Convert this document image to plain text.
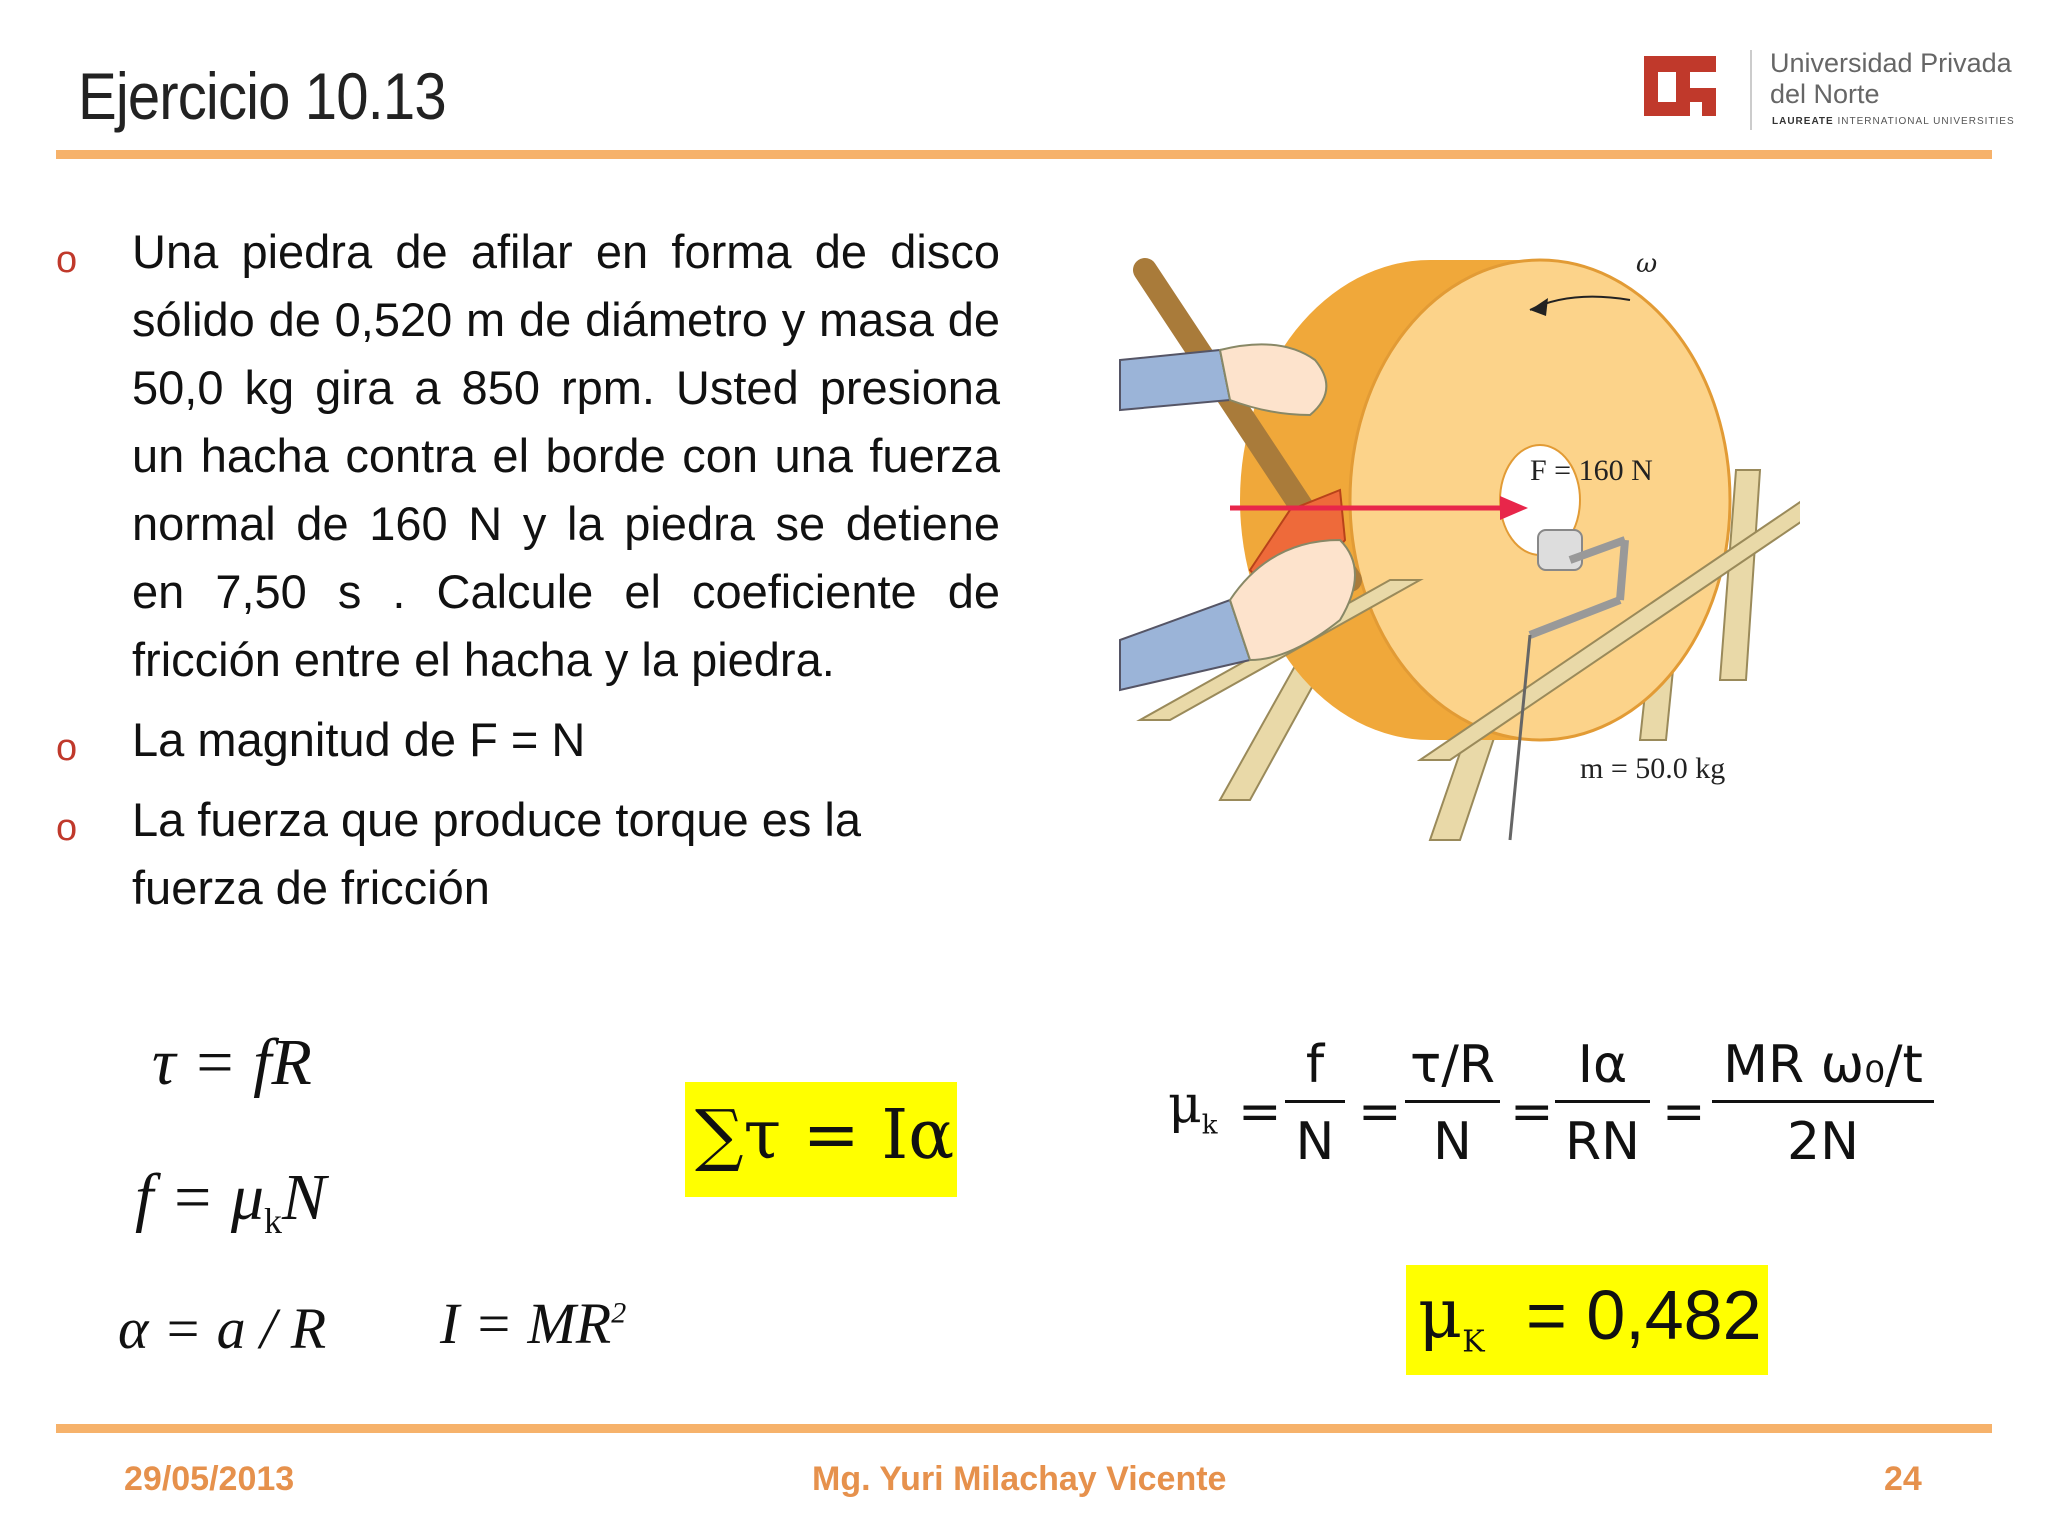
Ejercicio 10.13	Universidad Privada
del Norte
LAUREATE INTERNATIONAL UNIVERSITIES
o Una piedra de afilar en forma de disco sólido de 0,520 m de diámetro y masa de 50,0 kg gira a 850 rpm. Usted presiona un hacha contra el borde con una fuerza normal de 160 N y la piedra se detiene en 7,50 s . Calcule el coeficiente de fricción entre el hacha y la piedra.
o La magnitud de F = N
o La fuerza que produce torque es la fuerza de fricción
ω
F = 160 N
m = 50.0 kg
τ = fR
$f = \mu_kN$
α = a / R $I = MR^2$
∑τ = Iα	$\mu_k$ =
f
N =
τ/R
N =
Iα
RN =
MR ω₀/t
2N
$\mu_K = 0,482$
29/05/2013	Mg. Yuri Milachay Vicente	24
